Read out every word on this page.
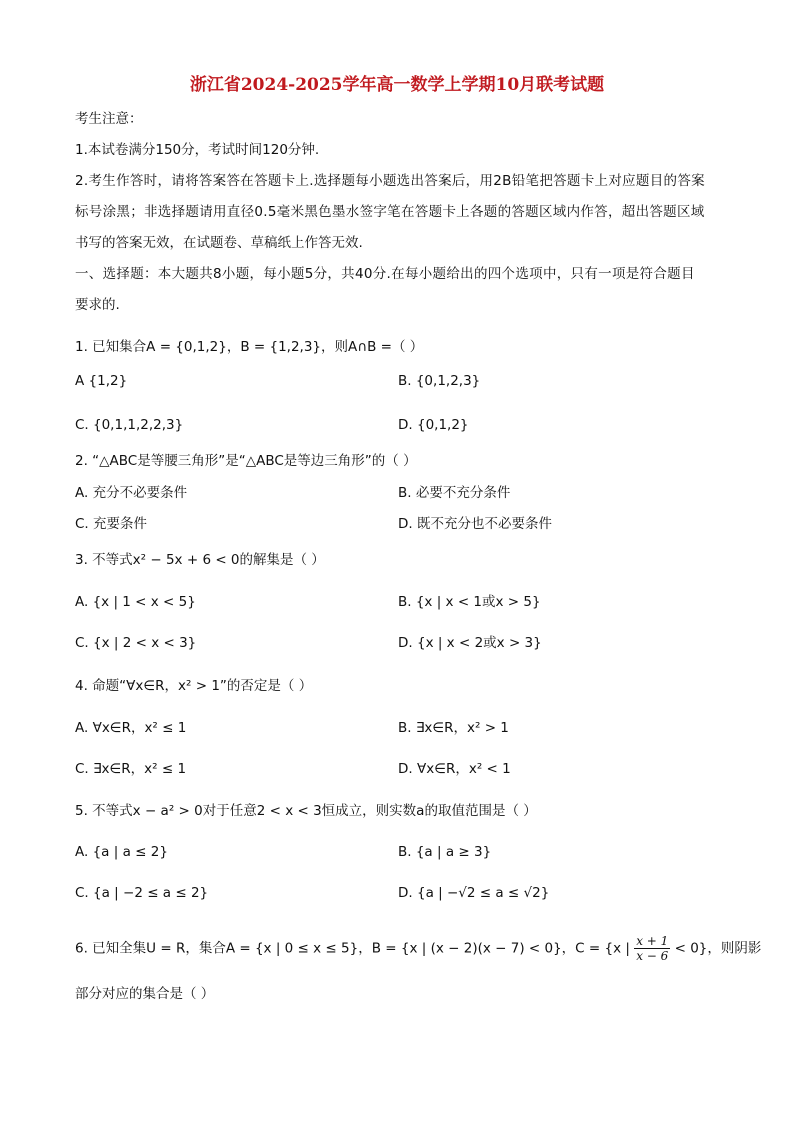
浙江省2024-2025学年高一数学上学期10月联考试题
考生注意：
1.本试卷满分150分，考试时间120分钟.
2.考生作答时，请将答案答在答题卡上.选择题每小题选出答案后，用2B铅笔把答题卡上对应题目的答案
标号涂黑；非选择题请用直径0.5毫米黑色墨水签字笔在答题卡上各题的答题区域内作答，超出答题区域
书写的答案无效，在试题卷、草稿纸上作答无效.
一、选择题：本大题共8小题，每小题5分，共40分.在每小题给出的四个选项中，只有一项是符合题目
要求的.
1. 已知集合A = {0,1,2}，B = {1,2,3}，则A∩B =（ ）
A {1,2}	B. {0,1,2,3}
C. {0,1,1,2,2,3}	D. {0,1,2}
2. “△ABC是等腰三角形”是“△ABC是等边三角形”的（ ）
A. 充分不必要条件	B. 必要不充分条件
C. 充要条件	D. 既不充分也不必要条件
3. 不等式x² − 5x + 6 < 0的解集是（ ）
A. {x | 1 < x < 5}	B. {x | x < 1或x > 5}
C. {x | 2 < x < 3}	D. {x | x < 2或x > 3}
4. 命题“∀x∈R，x² > 1”的否定是（ ）
A. ∀x∈R，x² ≤ 1	B. ∃x∈R，x² > 1
C. ∃x∈R，x² ≤ 1	D. ∀x∈R，x² < 1
5. 不等式x − a² > 0对于任意2 < x < 3恒成立，则实数a的取值范围是（ ）
A. {a | a ≤ 2}	B. {a | a ≥ 3}
C. {a | −2 ≤ a ≤ 2}	D. {a | −√2 ≤ a ≤ √2}
6. 已知全集U = R，集合A = {x | 0 ≤ x ≤ 5}，B = {x | (x − 2)(x − 7) < 0}，C = {x | $\frac{x + 1}{x - 6} < 0$}，则阴影
部分对应的集合是（ ）
